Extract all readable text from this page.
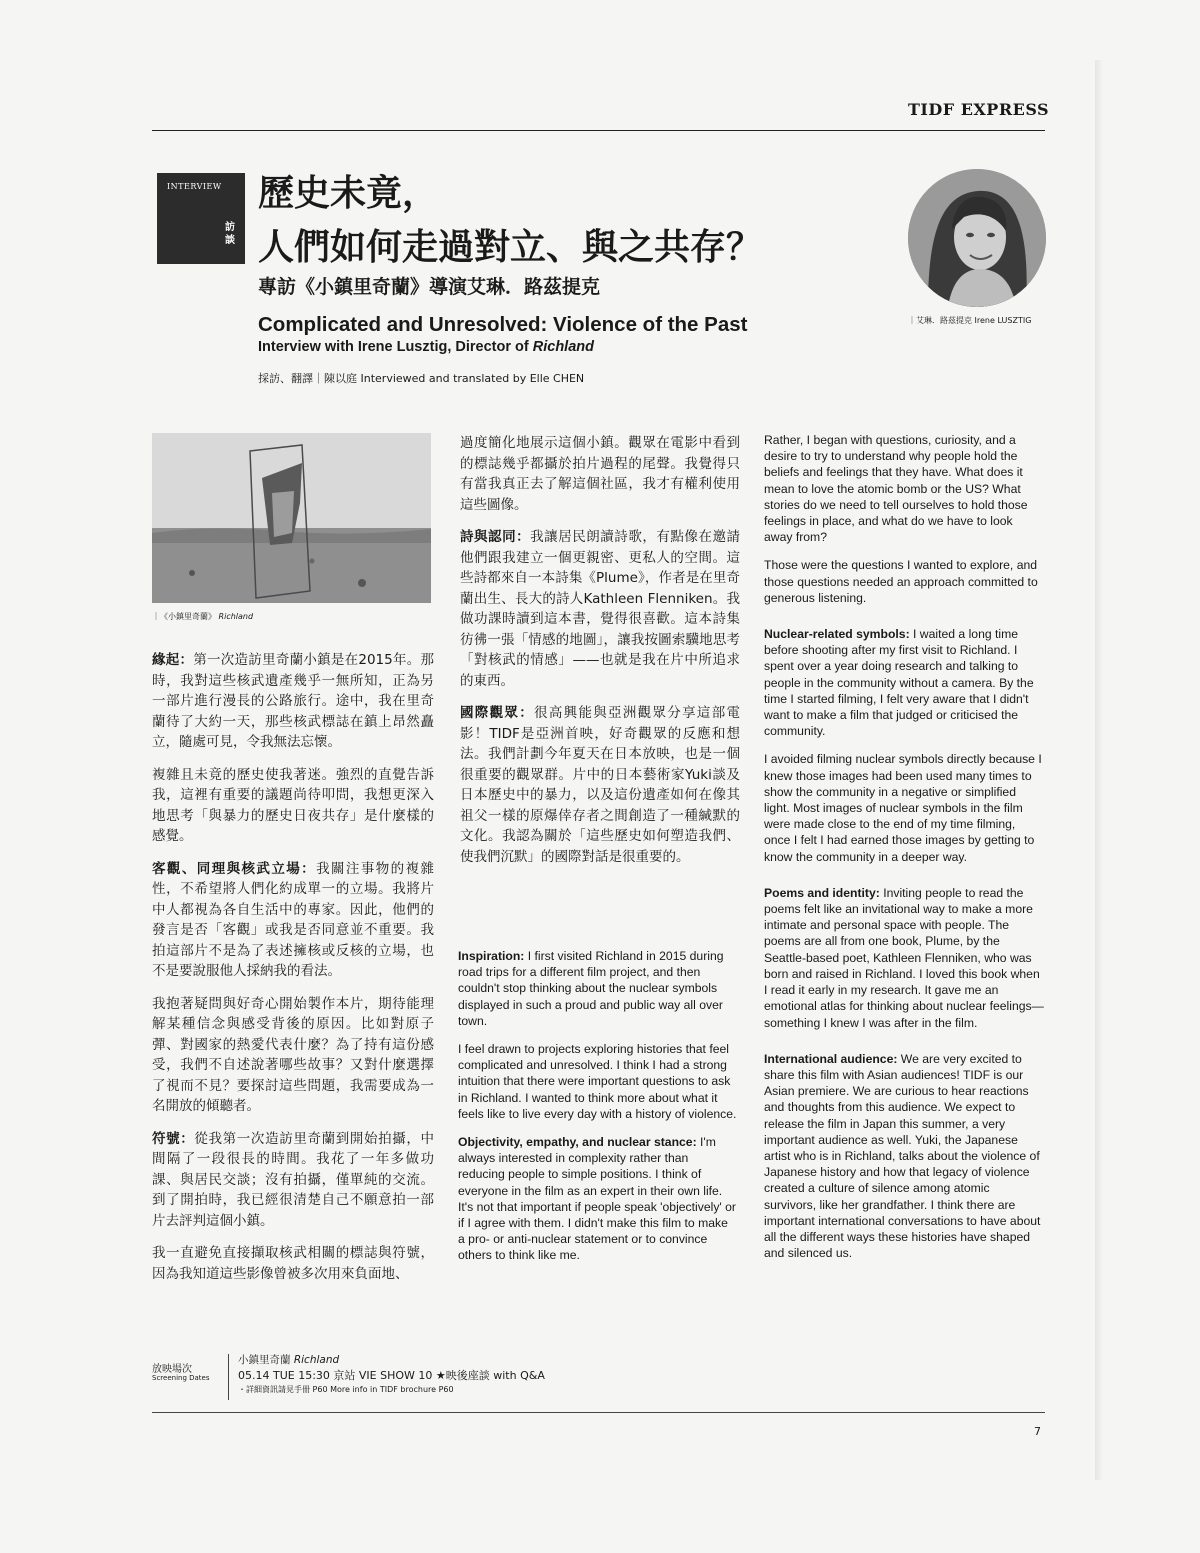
TIDF EXPRESS
INTERVIEW
訪談
歷史未竟，
人們如何走過對立、與之共存？
專訪《小鎮里奇蘭》導演艾琳．路茲提克
Complicated and Unresolved: Violence of the Past
Interview with Irene Lusztig, Director of Richland
採訪、翻譯｜陳以庭 Interviewed and translated by Elle CHEN
｜艾琳．路茲提克 Irene LUSZTIG
｜《小鎮里奇蘭》 Richland

緣起：第一次造訪里奇蘭小鎮是在2015年。那時，我對這些核武遺產幾乎一無所知，正為另一部片進行漫長的公路旅行。途中，我在里奇蘭待了大約一天，那些核武標誌在鎮上昂然矗立，隨處可見，令我無法忘懷。

複雜且未竟的歷史使我著迷。強烈的直覺告訴我，這裡有重要的議題尚待叩問，我想更深入地思考「與暴力的歷史日夜共存」是什麼樣的感覺。

客觀、同理與核武立場：我關注事物的複雜性，不希望將人們化約成單一的立場。我將片中人都視為各自生活中的專家。因此，他們的發言是否「客觀」或我是否同意並不重要。我拍這部片不是為了表述擁核或反核的立場，也不是要說服他人採納我的看法。

我抱著疑問與好奇心開始製作本片，期待能理解某種信念與感受背後的原因。比如對原子彈、對國家的熱愛代表什麼？為了持有這份感受，我們不自述說著哪些故事？又對什麼選擇了視而不見？要探討這些問題，我需要成為一名開放的傾聽者。

符號：從我第一次造訪里奇蘭到開始拍攝，中間隔了一段很長的時間。我花了一年多做功課、與居民交談；沒有拍攝，僅單純的交流。到了開拍時，我已經很清楚自己不願意拍一部片去評判這個小鎮。

我一直避免直接擷取核武相關的標誌與符號，因為我知道這些影像曾被多次用來負面地、

過度簡化地展示這個小鎮。觀眾在電影中看到的標誌幾乎都攝於拍片過程的尾聲。我覺得只有當我真正去了解這個社區，我才有權利使用這些圖像。

詩與認同：我讓居民朗讀詩歌，有點像在邀請他們跟我建立一個更親密、更私人的空間。這些詩都來自一本詩集《Plume》，作者是在里奇蘭出生、長大的詩人Kathleen Flenniken。我做功課時讀到這本書，覺得很喜歡。這本詩集彷彿一張「情感的地圖」，讓我按圖索驥地思考「對核武的情感」——也就是我在片中所追求的東西。

國際觀眾：很高興能與亞洲觀眾分享這部電影！TIDF是亞洲首映，好奇觀眾的反應和想法。我們計劃今年夏天在日本放映，也是一個很重要的觀眾群。片中的日本藝術家Yuki談及日本歷史中的暴力，以及這份遺產如何在像其祖父一樣的原爆倖存者之間創造了一種緘默的文化。我認為關於「這些歷史如何塑造我們、使我們沉默」的國際對話是很重要的。

Inspiration: I first visited Richland in 2015 during road trips for a different film project, and then couldn't stop thinking about the nuclear symbols displayed in such a proud and public way all over town.

I feel drawn to projects exploring histories that feel complicated and unresolved. I think I had a strong intuition that there were important questions to ask in Richland. I wanted to think more about what it feels like to live every day with a history of violence.

Objectivity, empathy, and nuclear stance: I'm always interested in complexity rather than reducing people to simple positions. I think of everyone in the film as an expert in their own life. It's not that important if people speak 'objectively' or if I agree with them. I didn't make this film to make a pro- or anti-nuclear statement or to convince others to think like me.

Rather, I began with questions, curiosity, and a desire to try to understand why people hold the beliefs and feelings that they have. What does it mean to love the atomic bomb or the US? What stories do we need to tell ourselves to hold those feelings in place, and what do we have to look away from?

Those were the questions I wanted to explore, and those questions needed an approach committed to generous listening.

Nuclear-related symbols: I waited a long time before shooting after my first visit to Richland. I spent over a year doing research and talking to people in the community without a camera. By the time I started filming, I felt very aware that I didn't want to make a film that judged or criticised the community.

I avoided filming nuclear symbols directly because I knew those images had been used many times to show the community in a negative or simplified light. Most images of nuclear symbols in the film were made close to the end of my time filming, once I felt I had earned those images by getting to know the community in a deeper way.

Poems and identity: Inviting people to read the poems felt like an invitational way to make a more intimate and personal space with people. The poems are all from one book, Plume, by the Seattle-based poet, Kathleen Flenniken, who was born and raised in Richland. I loved this book when I read it early in my research. It gave me an emotional atlas for thinking about nuclear feelings—something I knew I was after in the film.

International audience: We are very excited to share this film with Asian audiences! TIDF is our Asian premiere. We are curious to hear reactions and thoughts from this audience. We expect to release the film in Japan this summer, a very important audience as well. Yuki, the Japanese artist who is in Richland, talks about the violence of Japanese history and how that legacy of violence created a culture of silence among atomic survivors, like her grandfather. I think there are important international conversations to have about all the different ways these histories have shaped and silenced us.

放映場次
Screening Dates
小鎮里奇蘭 Richland
05.14 TUE 15:30 京站 VIE SHOW 10 ★映後座談 with Q&A
・詳細資訊請見手冊 P60 More info in TIDF brochure P60
7
